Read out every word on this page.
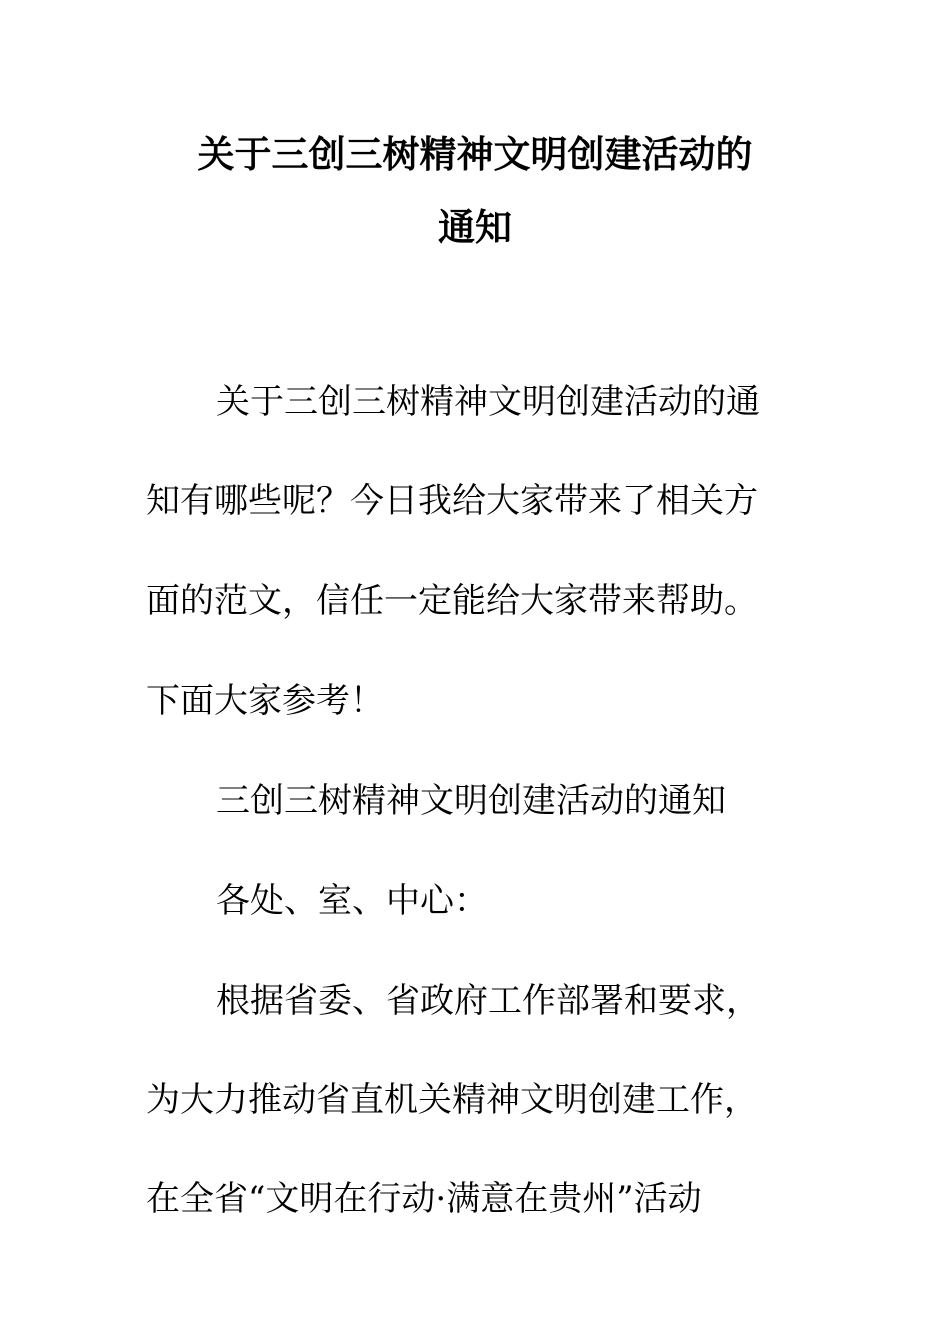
关于三创三树精神文明创建活动的
通知
关于三创三树精神文明创建活动的通
知有哪些呢？今日我给大家带来了相关方
面的范文，信任一定能给大家带来帮助。
下面大家参考！
三创三树精神文明创建活动的通知
各处、室、中心：
根据省委、省政府工作部署和要求，
为大力推动省直机关精神文明创建工作，
在全省“文明在行动·满意在贵州”活动
